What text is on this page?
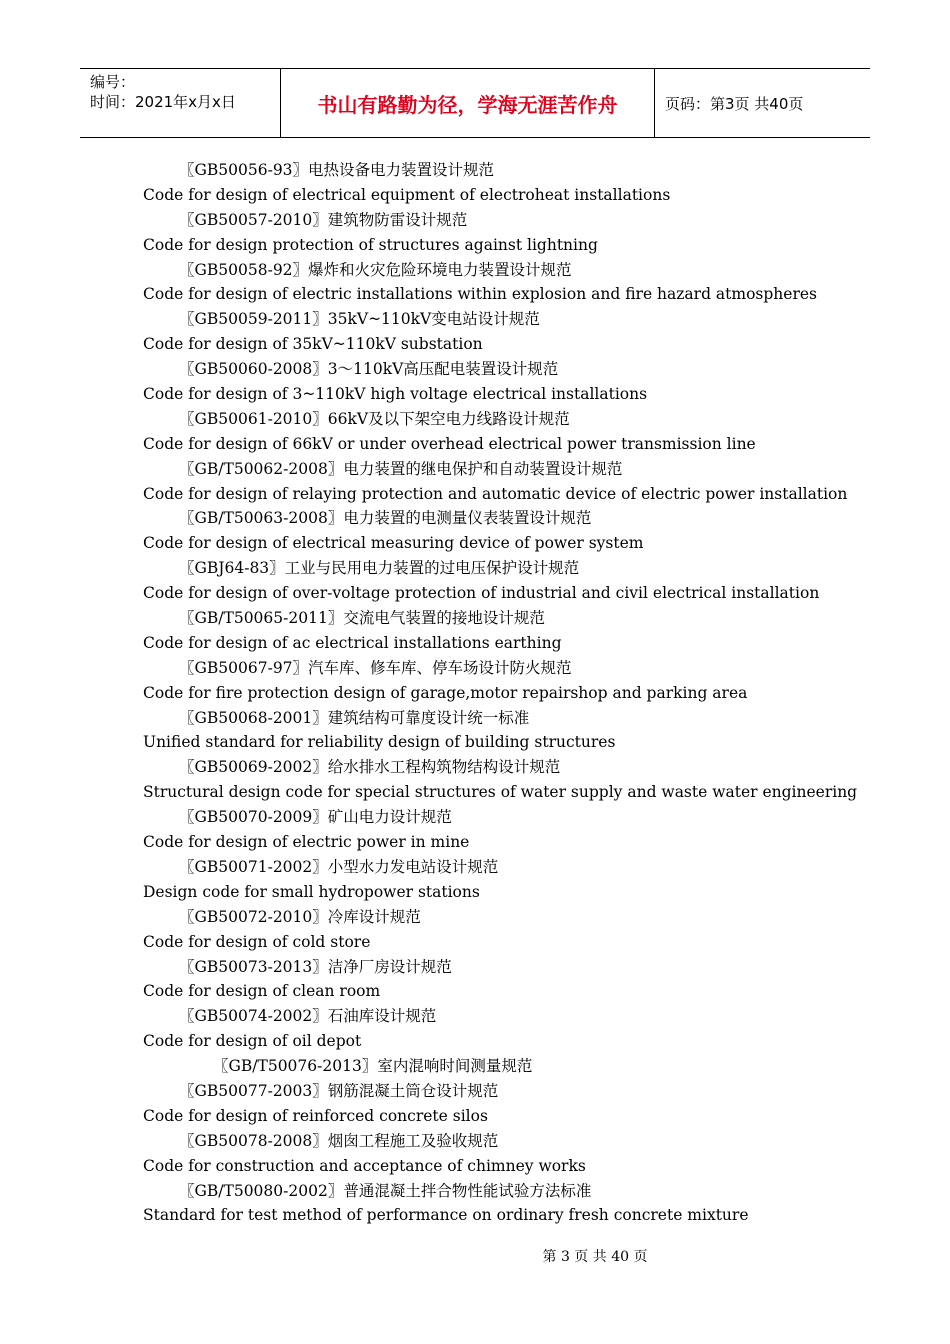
编号：
时间：2021年x月x日	书山有路勤为径，学海无涯苦作舟	页码：第3页 共40页
〖GB50056-93〗电热设备电力装置设计规范
Code for design of electrical equipment of electroheat installations
〖GB50057-2010〗建筑物防雷设计规范
Code for design protection of structures against lightning
〖GB50058-92〗爆炸和火灾危险环境电力装置设计规范
Code for design of electric installations within explosion and fire hazard atmospheres
〖GB50059-2011〗35kV~110kV变电站设计规范
Code for design of 35kV~110kV substation
〖GB50060-2008〗3～110kV高压配电装置设计规范
Code for design of 3~110kV high voltage electrical installations
〖GB50061-2010〗66kV及以下架空电力线路设计规范
Code for design of 66kV or under overhead electrical power transmission line
〖GB/T50062-2008〗电力装置的继电保护和自动装置设计规范
Code for design of relaying protection and automatic device of electric power installation
〖GB/T50063-2008〗电力装置的电测量仪表装置设计规范
Code for design of electrical measuring device of power system
〖GBJ64-83〗工业与民用电力装置的过电压保护设计规范
Code for design of over-voltage protection of industrial and civil electrical installation
〖GB/T50065-2011〗交流电气装置的接地设计规范
Code for design of ac electrical installations earthing
〖GB50067-97〗汽车库、修车库、停车场设计防火规范
Code for fire protection design of garage,motor repairshop and parking area
〖GB50068-2001〗建筑结构可靠度设计统一标准
Unified standard for reliability design of building structures
〖GB50069-2002〗给水排水工程构筑物结构设计规范
Structural design code for special structures of water supply and waste water engineering
〖GB50070-2009〗矿山电力设计规范
Code for design of electric power in mine
〖GB50071-2002〗小型水力发电站设计规范
Design code for small hydropower stations
〖GB50072-2010〗冷库设计规范
Code for design of cold store
〖GB50073-2013〗洁净厂房设计规范
Code for design of clean room
〖GB50074-2002〗石油库设计规范
Code for design of oil depot
〖GB/T50076-2013〗室内混响时间测量规范
〖GB50077-2003〗钢筋混凝土筒仓设计规范
Code for design of reinforced concrete silos
〖GB50078-2008〗烟囱工程施工及验收规范
Code for construction and acceptance of chimney works
〖GB/T50080-2002〗普通混凝土拌合物性能试验方法标准
Standard for test method of performance on ordinary fresh concrete mixture
第 3 页 共 40 页
